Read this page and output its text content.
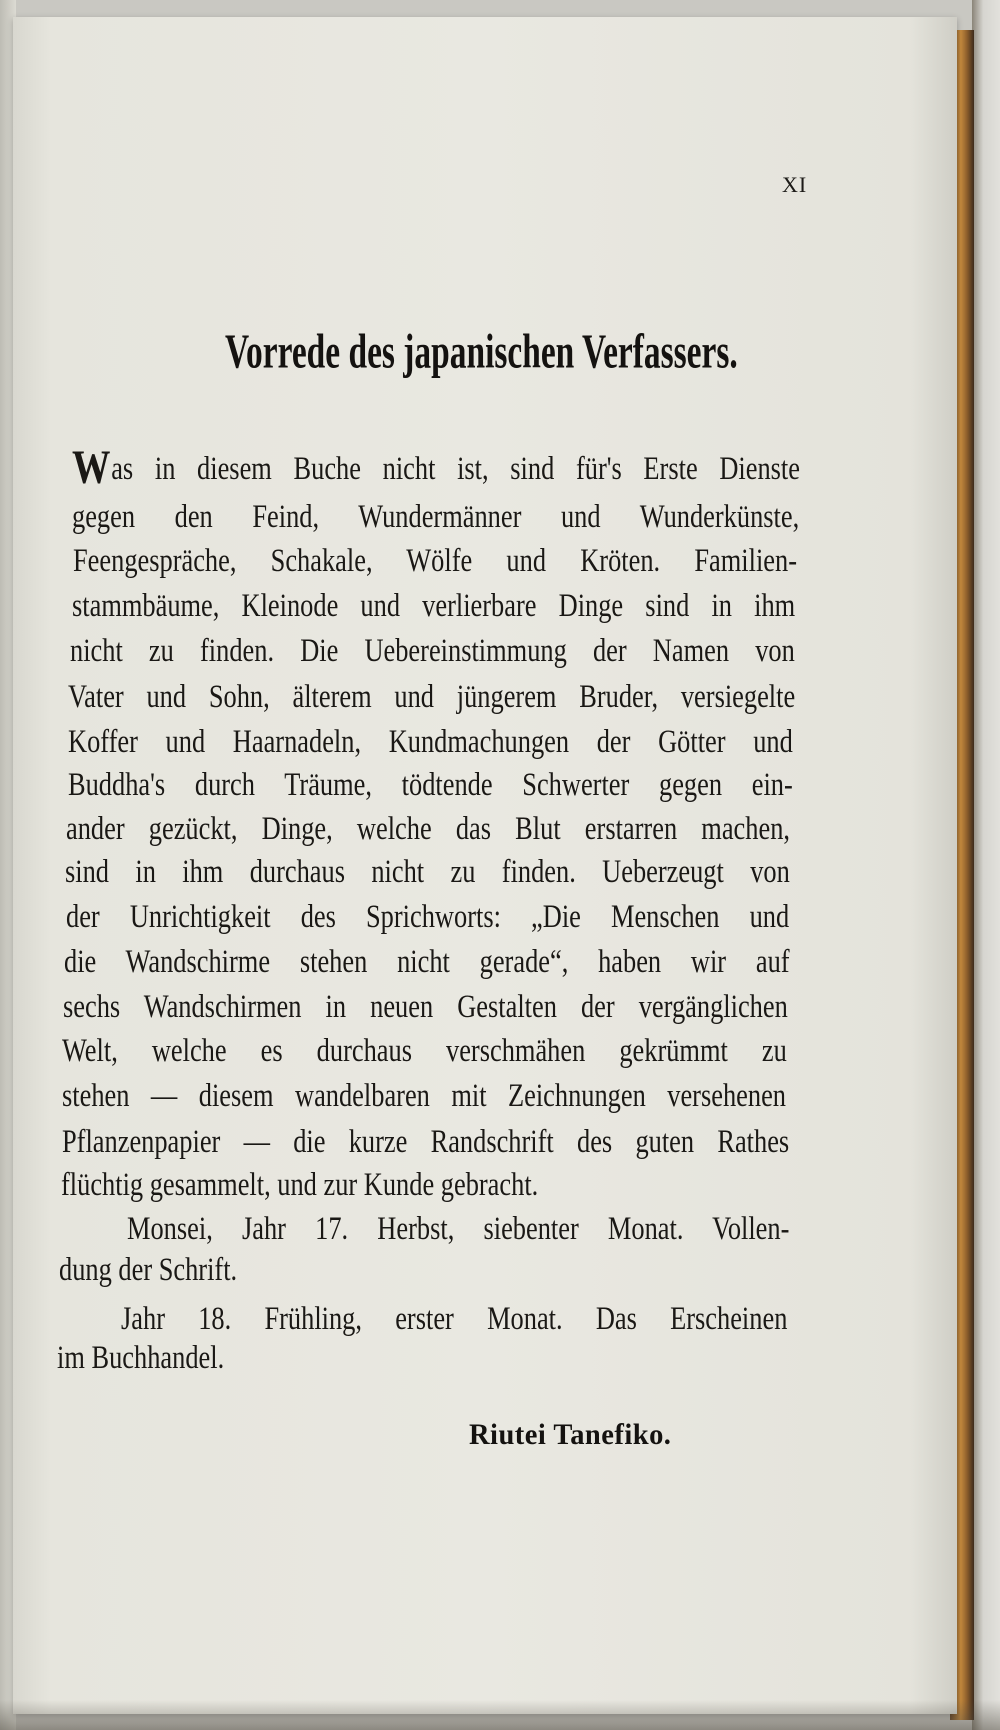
XI
Vorrede des japanischen Verfassers.
Was in diesem Buche nicht ist, sind für's Erste Dienste
gegen den Feind, Wundermänner und Wunderkünste,
Feengespräche, Schakale, Wölfe und Kröten. Familien-
stammbäume, Kleinode und verlierbare Dinge sind in ihm
nicht zu finden. Die Uebereinstimmung der Namen von
Vater und Sohn, älterem und jüngerem Bruder, versiegelte
Koffer und Haarnadeln, Kundmachungen der Götter und
Buddha's durch Träume, tödtende Schwerter gegen ein-
ander gezückt, Dinge, welche das Blut erstarren machen,
sind in ihm durchaus nicht zu finden. Ueberzeugt von
der Unrichtigkeit des Sprichworts: „Die Menschen und
die Wandschirme stehen nicht gerade“, haben wir auf
sechs Wandschirmen in neuen Gestalten der vergänglichen
Welt, welche es durchaus verschmähen gekrümmt zu
stehen — diesem wandelbaren mit Zeichnungen versehenen
Pflanzenpapier — die kurze Randschrift des guten Rathes
flüchtig gesammelt, und zur Kunde gebracht.
Monsei, Jahr 17. Herbst, siebenter Monat. Vollen-
dung der Schrift.
Jahr 18. Frühling, erster Monat. Das Erscheinen
im Buchhandel.
Riutei Tanefiko.
